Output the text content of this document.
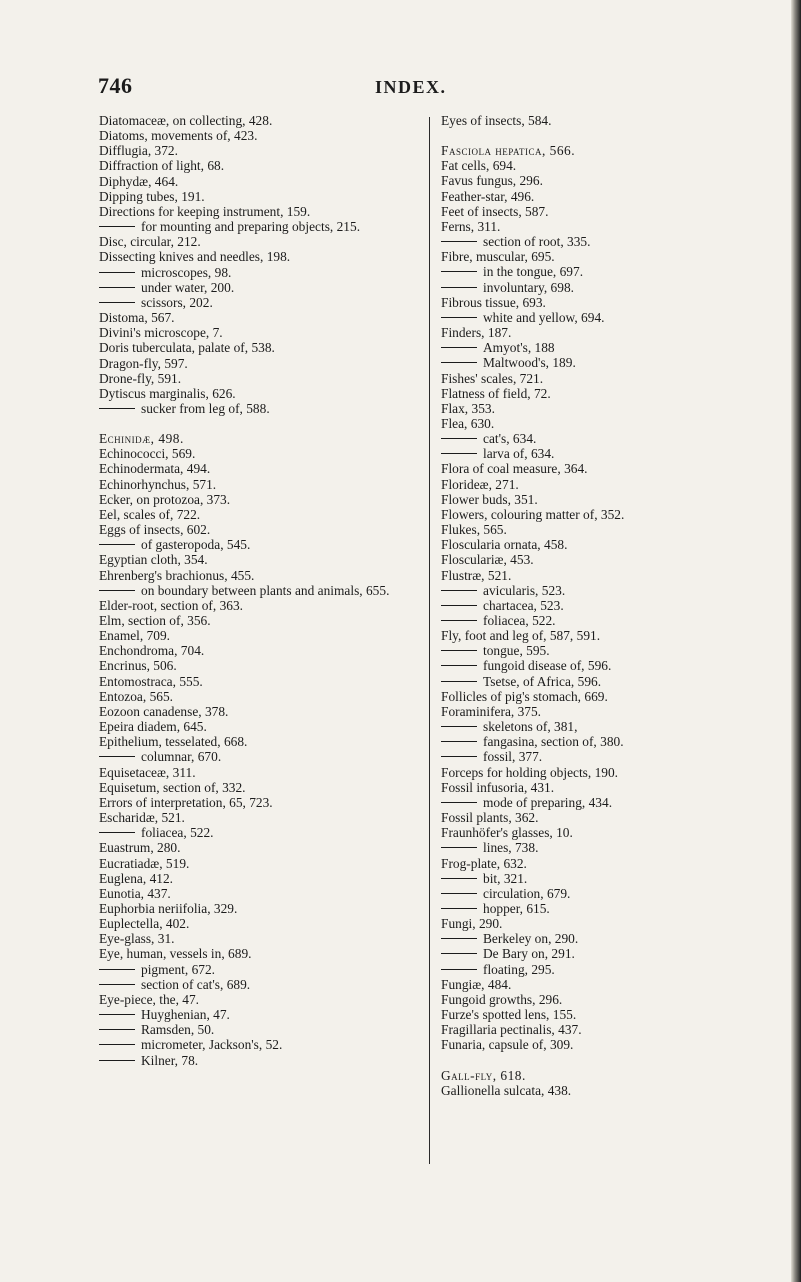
746	INDEX.
Diatomaceæ, on collecting, 428.
Diatoms, movements of, 423.
Difflugia, 372.
Diffraction of light, 68.
Diphydæ, 464.
Dipping tubes, 191.
Directions for keeping instrument, 159.
for mounting and preparing objects, 215.
Disc, circular, 212.
Dissecting knives and needles, 198.
microscopes, 98.
under water, 200.
scissors, 202.
Distoma, 567.
Divini's microscope, 7.
Doris tuberculata, palate of, 538.
Dragon-fly, 597.
Drone-fly, 591.
Dytiscus marginalis, 626.
sucker from leg of, 588.
Echinidæ, 498.
Echinococci, 569.
Echinodermata, 494.
Echinorhynchus, 571.
Ecker, on protozoa, 373.
Eel, scales of, 722.
Eggs of insects, 602.
of gasteropoda, 545.
Egyptian cloth, 354.
Ehrenberg's brachionus, 455.
on boundary between plants and animals, 655.
Elder-root, section of, 363.
Elm, section of, 356.
Enamel, 709.
Enchondroma, 704.
Encrinus, 506.
Entomostraca, 555.
Entozoa, 565.
Eozoon canadense, 378.
Epeira diadem, 645.
Epithelium, tesselated, 668.
columnar, 670.
Equisetaceæ, 311.
Equisetum, section of, 332.
Errors of interpretation, 65, 723.
Escharidæ, 521.
foliacea, 522.
Euastrum, 280.
Eucratiadæ, 519.
Euglena, 412.
Eunotia, 437.
Euphorbia neriifolia, 329.
Euplectella, 402.
Eye-glass, 31.
Eye, human, vessels in, 689.
pigment, 672.
section of cat's, 689.
Eye-piece, the, 47.
Huyghenian, 47.
Ramsden, 50.
micrometer, Jackson's, 52.
Kilner, 78.
Eyes of insects, 584.
Fasciola hepatica, 566.
Fat cells, 694.
Favus fungus, 296.
Feather-star, 496.
Feet of insects, 587.
Ferns, 311.
section of root, 335.
Fibre, muscular, 695.
in the tongue, 697.
involuntary, 698.
Fibrous tissue, 693.
white and yellow, 694.
Finders, 187.
Amyot's, 188
Maltwood's, 189.
Fishes' scales, 721.
Flatness of field, 72.
Flax, 353.
Flea, 630.
cat's, 634.
larva of, 634.
Flora of coal measure, 364.
Florideæ, 271.
Flower buds, 351.
Flowers, colouring matter of, 352.
Flukes, 565.
Floscularia ornata, 458.
Flosculariæ, 453.
Flustræ, 521.
avicularis, 523.
chartacea, 523.
foliacea, 522.
Fly, foot and leg of, 587, 591.
tongue, 595.
fungoid disease of, 596.
Tsetse, of Africa, 596.
Follicles of pig's stomach, 669.
Foraminifera, 375.
skeletons of, 381,
fangasina, section of, 380.
fossil, 377.
Forceps for holding objects, 190.
Fossil infusoria, 431.
mode of preparing, 434.
Fossil plants, 362.
Fraunhöfer's glasses, 10.
lines, 738.
Frog-plate, 632.
bit, 321.
circulation, 679.
hopper, 615.
Fungi, 290.
Berkeley on, 290.
De Bary on, 291.
floating, 295.
Fungiæ, 484.
Fungoid growths, 296.
Furze's spotted lens, 155.
Fragillaria pectinalis, 437.
Funaria, capsule of, 309.
Gall-fly, 618.
Gallionella sulcata, 438.
